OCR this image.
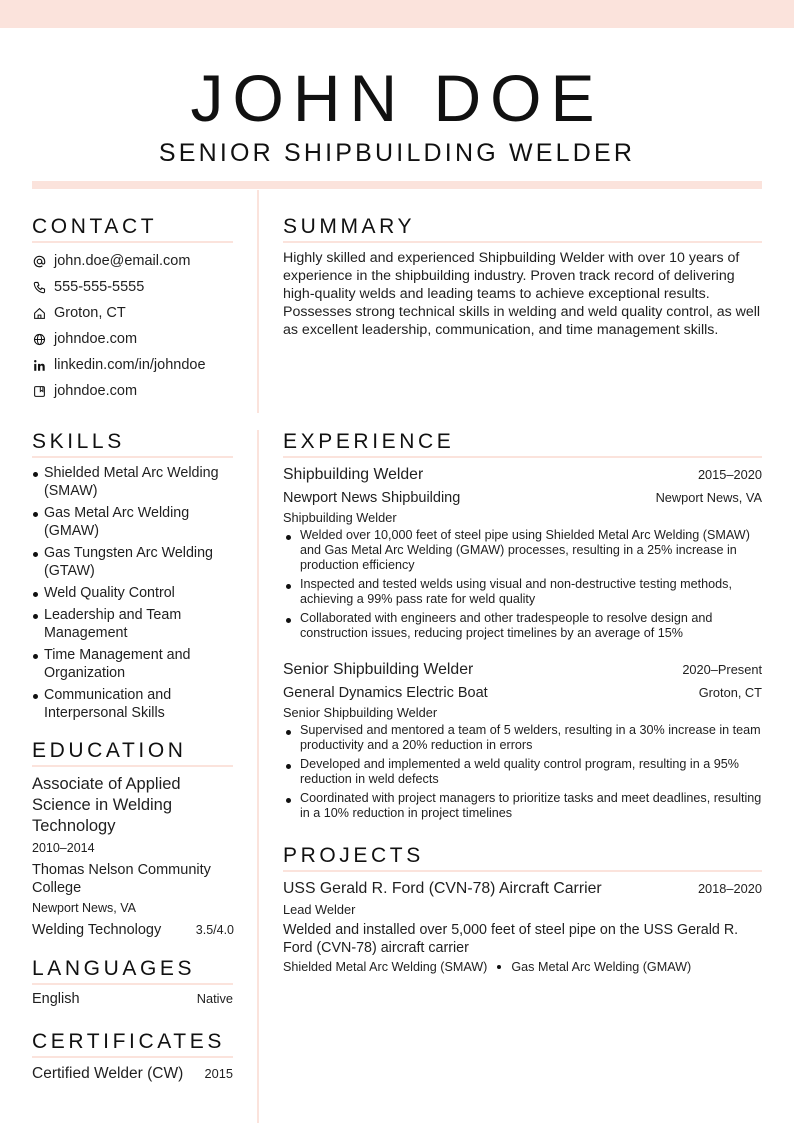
JOHN DOE
SENIOR SHIPBUILDING WELDER
CONTACT
john.doe@email.com
555-555-5555
Groton, CT
johndoe.com
linkedin.com/in/johndoe
johndoe.com
SUMMARY
Highly skilled and experienced Shipbuilding Welder with over 10 years of experience in the shipbuilding industry. Proven track record of delivering high-quality welds and leading teams to achieve exceptional results. Possesses strong technical skills in welding and weld quality control, as well as excellent leadership, communication, and time management skills.
SKILLS
Shielded Metal Arc Welding (SMAW)
Gas Metal Arc Welding (GMAW)
Gas Tungsten Arc Welding (GTAW)
Weld Quality Control
Leadership and Team Management
Time Management and Organization
Communication and Interpersonal Skills
EDUCATION
Associate of Applied Science in Welding Technology
2010–2014
Thomas Nelson Community College
Newport News, VA
Welding Technology	3.5/4.0
LANGUAGES
English	Native
CERTIFICATES
Certified Welder (CW) 2015
EXPERIENCE
Shipbuilding Welder	2015–2020
Newport News Shipbuilding	Newport News, VA
Shipbuilding Welder
Welded over 10,000 feet of steel pipe using Shielded Metal Arc Welding (SMAW) and Gas Metal Arc Welding (GMAW) processes, resulting in a 25% increase in production efficiency
Inspected and tested welds using visual and non-destructive testing methods, achieving a 99% pass rate for weld quality
Collaborated with engineers and other tradespeople to resolve design and construction issues, reducing project timelines by an average of 15%
Senior Shipbuilding Welder	2020–Present
General Dynamics Electric Boat	Groton, CT
Senior Shipbuilding Welder
Supervised and mentored a team of 5 welders, resulting in a 30% increase in team productivity and a 20% reduction in errors
Developed and implemented a weld quality control program, resulting in a 95% reduction in weld defects
Coordinated with project managers to prioritize tasks and meet deadlines, resulting in a 10% reduction in project timelines
PROJECTS
USS Gerald R. Ford (CVN-78) Aircraft Carrier	2018–2020
Lead Welder
Welded and installed over 5,000 feet of steel pipe on the USS Gerald R. Ford (CVN-78) aircraft carrier
Shielded Metal Arc Welding (SMAW) Gas Metal Arc Welding (GMAW)
